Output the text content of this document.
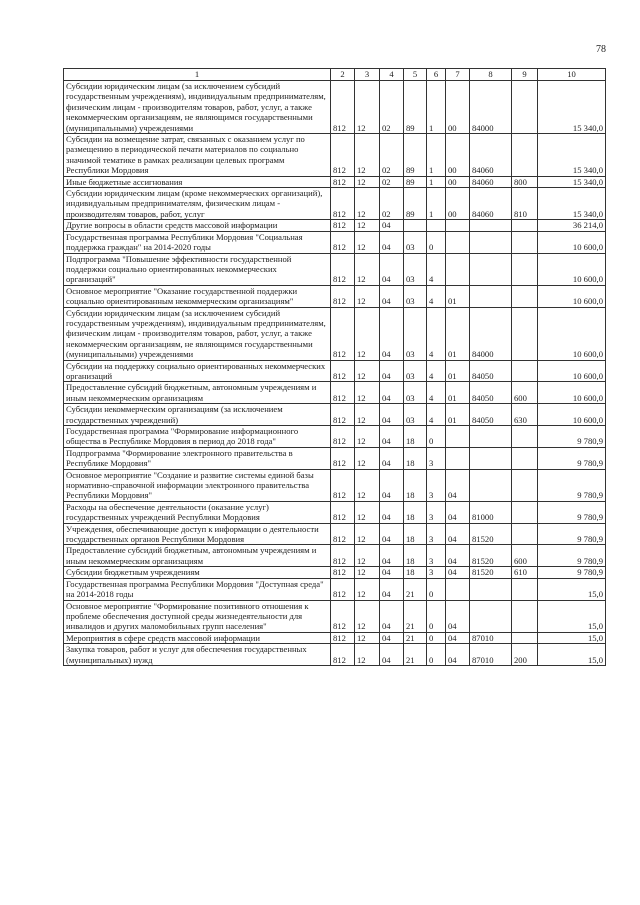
78
1	2	3	4	5	6	7	8	9	10
Субсидии юридическим лицам (за исключением субсидий государственным учреждениям), индивидуальным предпринимателям, физическим лицам - производителям товаров, работ, услуг, а также некоммерческим организациям, не являющимся государственными (муниципальными) учреждениями	812	12	02	89	1	00	84000		15 340,0
Субсидии на возмещение затрат, связанных с оказанием услуг по размещению в периодической печати материалов по социально значимой тематике в рамках реализации целевых программ Республики Мордовия	812	12	02	89	1	00	84060		15 340,0
Иные бюджетные ассигнования	812	12	02	89	1	00	84060	800	15 340,0
Субсидии юридическим лицам (кроме некоммерческих организаций), индивидуальным предпринимателям, физическим лицам - производителям товаров, работ, услуг	812	12	02	89	1	00	84060	810	15 340,0
Другие вопросы в области средств массовой информации	812	12	04						36 214,0
Государственная программа Республики Мордовия "Социальная поддержка граждан" на 2014-2020 годы	812	12	04	03	0				10 600,0
Подпрограмма "Повышение эффективности государственной поддержки социально ориентированных некоммерческих организаций"	812	12	04	03	4				10 600,0
Основное мероприятие "Оказание государственной поддержки социально ориентированным некоммерческим организациям"	812	12	04	03	4	01			10 600,0
Субсидии юридическим лицам (за исключением субсидий государственным учреждениям), индивидуальным предпринимателям, физическим лицам - производителям товаров, работ, услуг, а также некоммерческим организациям, не являющимся государственными (муниципальными) учреждениями	812	12	04	03	4	01	84000		10 600,0
Субсидии на поддержку социально ориентированных некоммерческих организаций	812	12	04	03	4	01	84050		10 600,0
Предоставление субсидий бюджетным, автономным учреждениям и иным некоммерческим организациям	812	12	04	03	4	01	84050	600	10 600,0
Субсидии некоммерческим организациям (за исключением государственных учреждений)	812	12	04	03	4	01	84050	630	10 600,0
Государственная программа "Формирование информационного общества в Республике Мордовия в период до 2018 года"	812	12	04	18	0				9 780,9
Подпрограмма "Формирование электронного правительства в Республике Мордовия"	812	12	04	18	3				9 780,9
Основное мероприятие "Создание и развитие системы единой базы нормативно-справочной информации электронного правительства Республики Мордовия"	812	12	04	18	3	04			9 780,9
Расходы на обеспечение деятельности (оказание услуг) государственных учреждений Республики Мордовия	812	12	04	18	3	04	81000		9 780,9
Учреждения, обеспечивающие доступ к информации о деятельности государственных органов Республики Мордовия	812	12	04	18	3	04	81520		9 780,9
Предоставление субсидий бюджетным, автономным учреждениям и иным некоммерческим организациям	812	12	04	18	3	04	81520	600	9 780,9
Субсидии бюджетным учреждениям	812	12	04	18	3	04	81520	610	9 780,9
Государственная программа Республики Мордовия "Доступная среда" на 2014-2018 годы	812	12	04	21	0				15,0
Основное мероприятие "Формирование позитивного отношения к проблеме обеспечения доступной среды жизнедеятельности для инвалидов и других маломобильных групп населения"	812	12	04	21	0	04			15,0
Мероприятия в сфере средств массовой информации	812	12	04	21	0	04	87010		15,0
Закупка товаров, работ и услуг для обеспечения государственных (муниципальных) нужд	812	12	04	21	0	04	87010	200	15,0
